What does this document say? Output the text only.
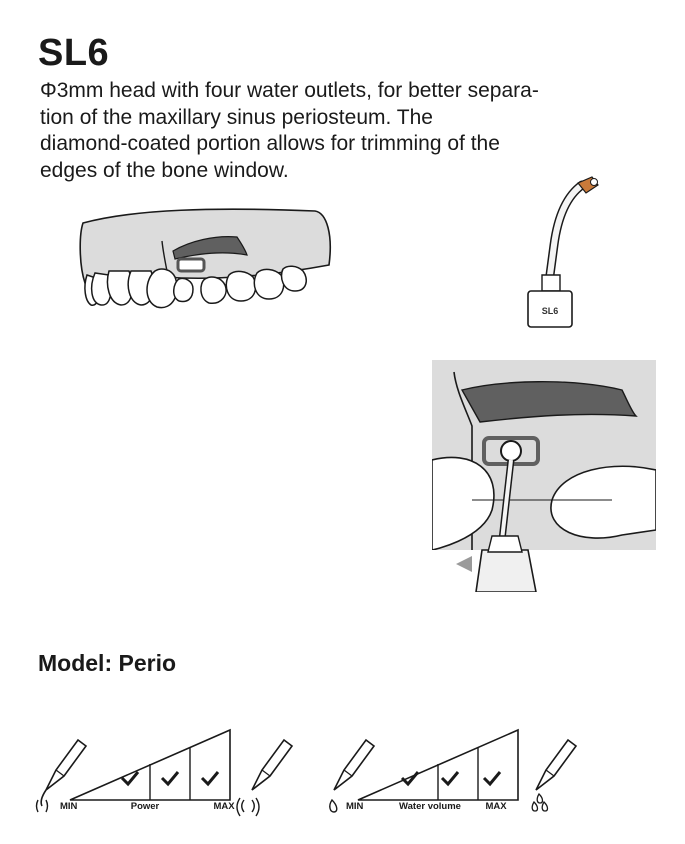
SL6
Φ3mm head with four water outlets, for better separa-
tion of the maxillary sinus periosteum. The
diamond-coated portion allows for trimming of the
edges of the bone window.
SL6
Model: Perio
MIN	Power	MAX	MIN	Water volume	MAX
